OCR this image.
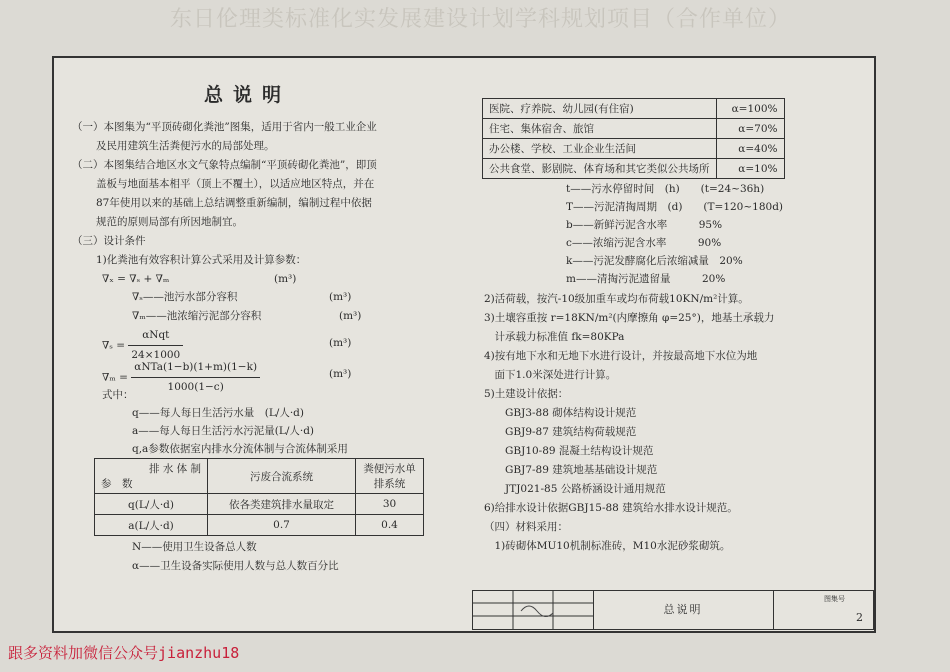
东日伦理类标准化实发展建设计划学科规划项目（合作单位）
总说明

（一）本图集为“平顶砖砌化粪池”图集，适用于省内一般工业企业

及民用建筑生活粪便污水的局部处理。

（二）本图集结合地区水文气象特点编制“平顶砖砌化粪池”，即顶

盖板与地面基本相平（顶上不覆土），以适应地区特点，并在

87年使用以来的基础上总结调整重新编制，编制过程中依据

规范的原则局部有所因地制宜。

（三）设计条件

1)化粪池有效容积计算公式采用及计算参数：

∇ₓ = ∇ₛ + ∇ₘ	(m³)
∇ₛ——池污水部分容积	(m³)
∇ₘ——池浓缩污泥部分容积	(m³)
$\nabla_s = \frac{\text{αNqt}}{24\times 1000}$	(m³)
$\nabla_m = \frac{\text{αNTa(1−b)(1+m)(1−k)}}{1000(1-c)}$	(m³)
式中：
q——每人每日生活污水量　(L/人·d)
a——每人每日生活污水污泥量(L/人·d)
q,a参数依据室内排水分流体制与合流体制采用
排 水 体 制
参　数	污废合流系统	粪便污水单排系统
q(L/人·d)	依各类建筑排水量取定	30
a(L/人·d)	0.7	0.4
N——使用卫生设备总人数
α——卫生设备实际使用人数与总人数百分比
医院、疗养院、幼儿园(有住宿)	α=100%
住宅、集体宿舍、旅馆	α=70%
办公楼、学校、工业企业生活间	α=40%
公共食堂、影剧院、体育场和其它类似公共场所	α=10%
t——污水停留时间　(h)　　(t=24~36h)
T——污泥清掏周期　(d)　　(T=120~180d)
b——新鲜污泥含水率　　　95%
c——浓缩污泥含水率　　　90%
k——污泥发酵腐化后浓缩减量　20%
m——清掏污泥遗留量　　　20%
2)活荷载，按汽-10级加重车或均布荷载10KN/m²计算。
3)土壤容重按 r=18KN/m²(内摩擦角 φ=25°)，地基土承载力
　计承载力标准值 fk=80KPa
4)按有地下水和无地下水进行设计，并按最高地下水位为地
　面下1.0米深处进行计算。
5)土建设计依据：
　　GBJ3-88 砌体结构设计规范
　　GBJ9-87 建筑结构荷载规范
　　GBJ10-89 混凝土结构设计规范
　　GBJ7-89 建筑地基基础设计规范
　　JTJ021-85 公路桥涵设计通用规范
6)给排水设计依据GBJ15-88 建筑给水排水设计规范。
（四）材料采用：
　1)砖砌体MU10机制标准砖，M10水泥砂浆砌筑。
总说明
图集号
2
跟多资料加微信公众号jianzhu18
